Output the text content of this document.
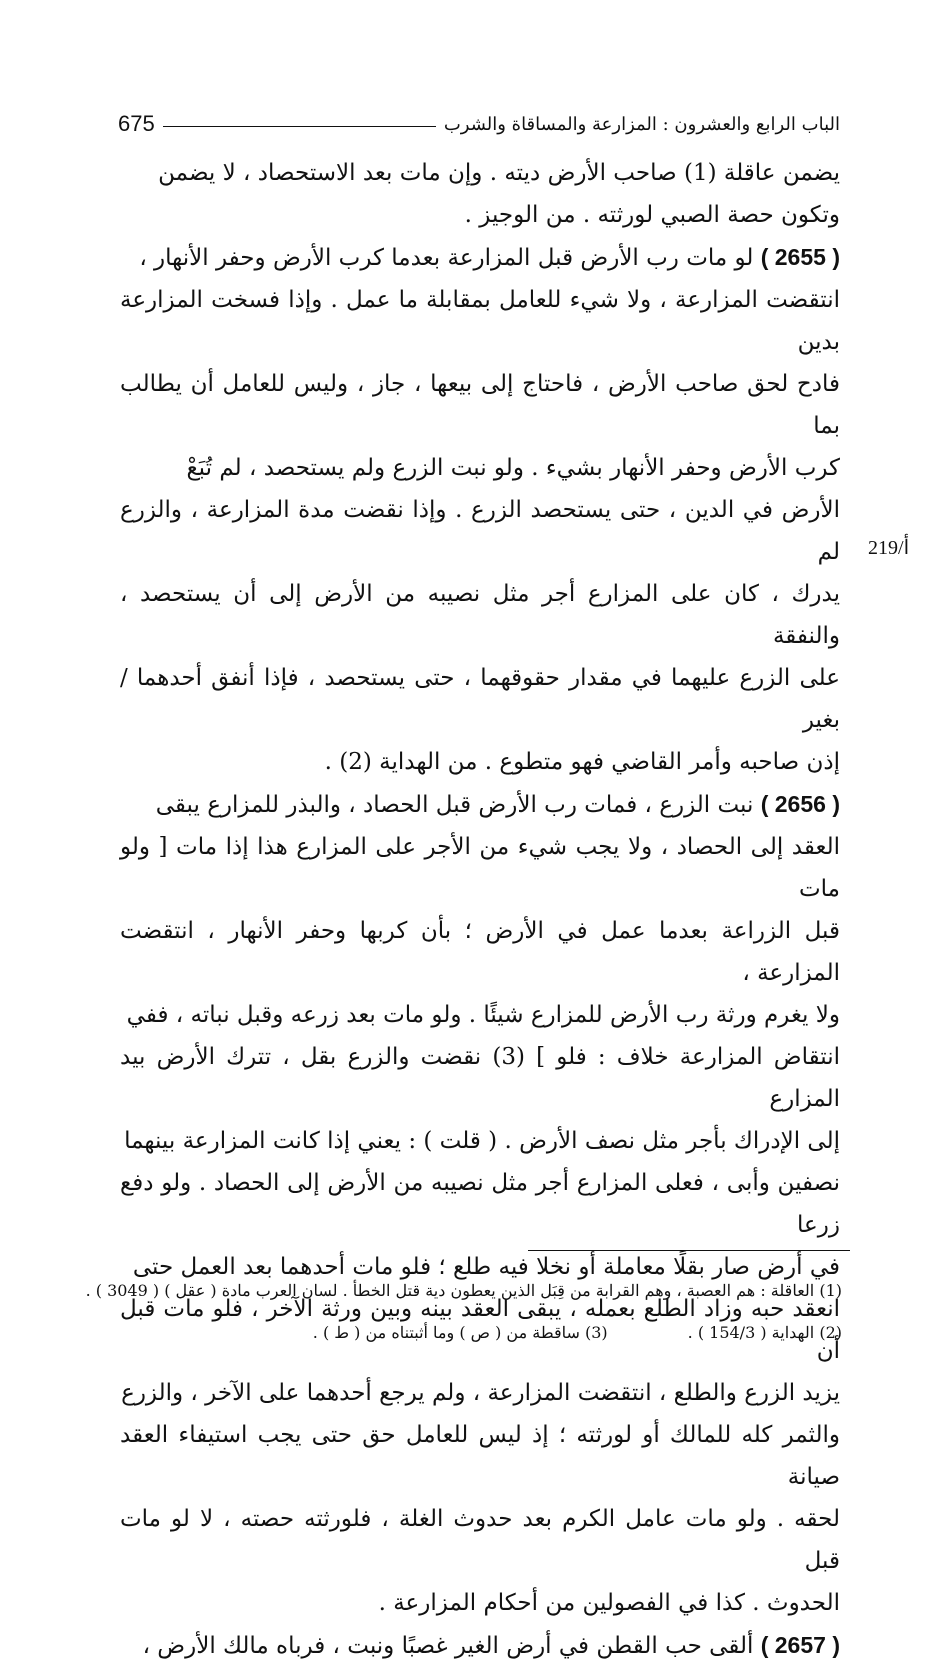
675	الباب الرابع والعشرون : المزارعة والمساقاة والشرب
219/أ

يضمن عاقلة (1) صاحب الأرض ديته . وإن مات بعد الاستحصاد ، لا يضمن
وتكون حصة الصبي لورثته . من الوجيز .

( 2655 ) لو مات رب الأرض قبل المزارعة بعدما كرب الأرض وحفر الأنهار ،
انتقضت المزارعة ، ولا شيء للعامل بمقابلة ما عمل . وإذا فسخت المزارعة بدين
فادح لحق صاحب الأرض ، فاحتاج إلى بيعها ، جاز ، وليس للعامل أن يطالب بما
كرب الأرض وحفر الأنهار بشيء . ولو نبت الزرع ولم يستحصد ، لم تُبَعْ
الأرض في الدين ، حتى يستحصد الزرع . وإذا نقضت مدة المزارعة ، والزرع لم
يدرك ، كان على المزارع أجر مثل نصيبه من الأرض إلى أن يستحصد ، والنفقة
على الزرع عليهما في مقدار حقوقهما ، حتى يستحصد ، فإذا أنفق أحدهما / بغير
إذن صاحبه وأمر القاضي فهو متطوع . من الهداية (2) .

( 2656 ) نبت الزرع ، فمات رب الأرض قبل الحصاد ، والبذر للمزارع يبقى
العقد إلى الحصاد ، ولا يجب شيء من الأجر على المزارع هذا إذا مات [ ولو مات
قبل الزراعة بعدما عمل في الأرض ؛ بأن كربها وحفر الأنهار ، انتقضت المزارعة ،
ولا يغرم ورثة رب الأرض للمزارع شيئًا . ولو مات بعد زرعه وقبل نباته ، ففي
انتقاض المزارعة خلاف : فلو ] (3) نقضت والزرع بقل ، تترك الأرض بيد المزارع
إلى الإدراك بأجر مثل نصف الأرض . ( قلت ) : يعني إذا كانت المزارعة بينهما
نصفين وأبى ، فعلى المزارع أجر مثل نصيبه من الأرض إلى الحصاد . ولو دفع زرعا
في أرض صار بقلًا معاملة أو نخلا فيه طلع ؛ فلو مات أحدهما بعد العمل حتى
انعقد حبه وزاد الطلع بعمله ، يبقى العقد بينه وبين ورثة الآخر ، فلو مات قبل أن
يزيد الزرع والطلع ، انتقضت المزارعة ، ولم يرجع أحدهما على الآخر ، والزرع
والثمر كله للمالك أو لورثته ؛ إذ ليس للعامل حق حتى يجب استيفاء العقد صيانة
لحقه . ولو مات عامل الكرم بعد حدوث الغلة ، فلورثته حصته ، لا لو مات قبل
الحدوث . كذا في الفصولين من أحكام المزارعة .

( 2657 ) ألقى حب القطن في أرض الغير غصبًا ونبت ، فرباه مالك الأرض ،

(1) العاقلة : هم العصبة ، وهم القرابة من قِبَل الذين يعطون دية قتل الخطأ . لسان العرب مادة ( عقل ) ( 3049 ) .
(2) الهداية ( 154/3 ) .(3) ساقطة من ( ص ) وما أثبتناه من ( ط ) .
